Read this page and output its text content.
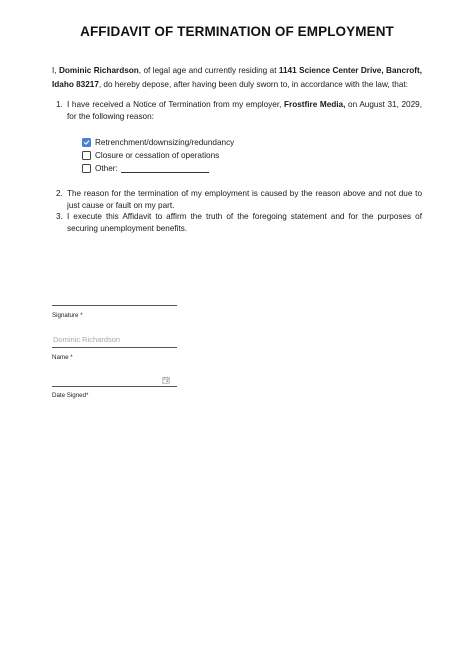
AFFIDAVIT OF TERMINATION OF EMPLOYMENT
I, Dominic Richardson, of legal age and currently residing at 1141 Science Center Drive, Bancroft, Idaho 83217, do hereby depose, after having been duly sworn to, in accordance with the law, that:
1. I have received a Notice of Termination from my employer, Frostfire Media, on August 31, 2029, for the following reason:
Retrenchment/downsizing/redundancy
Closure or cessation of operations
Other:
2. The reason for the termination of my employment is caused by the reason above and not due to just cause or fault on my part.
3. I execute this Affidavit to affirm the truth of the foregoing statement and for the purposes of securing unemployment benefits.
Signature *
Dominic Richardson
Name *
Date Signed*
